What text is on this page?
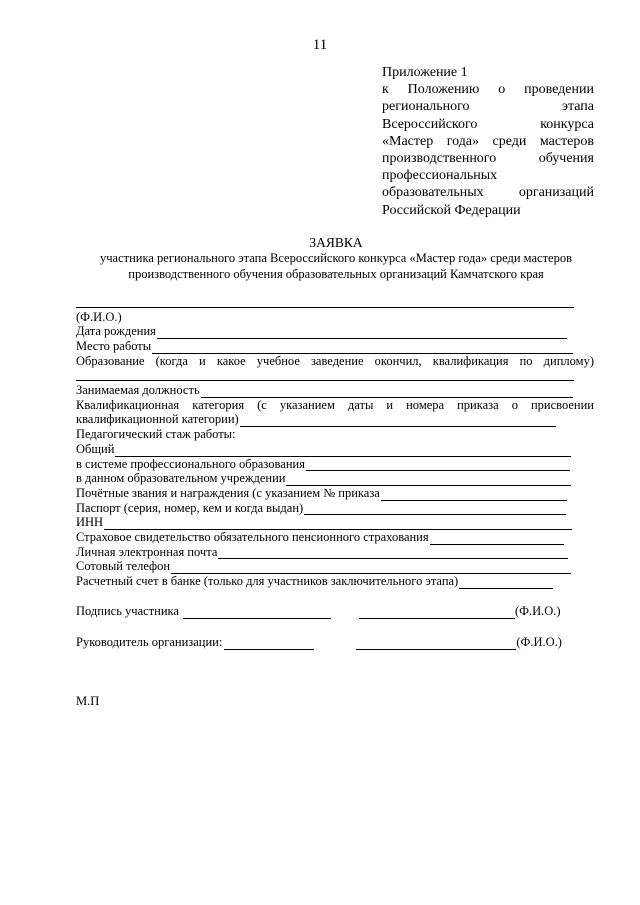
11
Приложение 1
к Положению о проведении
регионального этапа
Всероссийского конкурса
«Мастер года» среди мастеров
производственного обучения
профессиональных
образовательных организаций
Российской Федерации
ЗАЯВКА
участника регионального этапа Всероссийского конкурса «Мастер года» среди мастеров
производственного обучения образовательных организаций Камчатского края
(Ф.И.О.)
Дата рождения
Место работы
Образование (когда и какое учебное заведение окончил, квалификация по диплому)
Занимаемая должность
Квалификационная категория (с указанием даты и номера приказа о присвоении
квалификационной категории)
Педагогический стаж работы:
Общий
в системе профессионального образования
в данном образовательном учреждении
Почётные звания и награждения (с указанием № приказа
Паспорт (серия, номер, кем и когда выдан)
ИНН
Страховое свидетельство обязательного пенсионного страхования
Личная электронная почта
Сотовый телефон
Расчетный счет в банке (только для участников заключительного этапа)
Подпись участника	(Ф.И.О.)
Руководитель организации:	(Ф.И.О.)
М.П
